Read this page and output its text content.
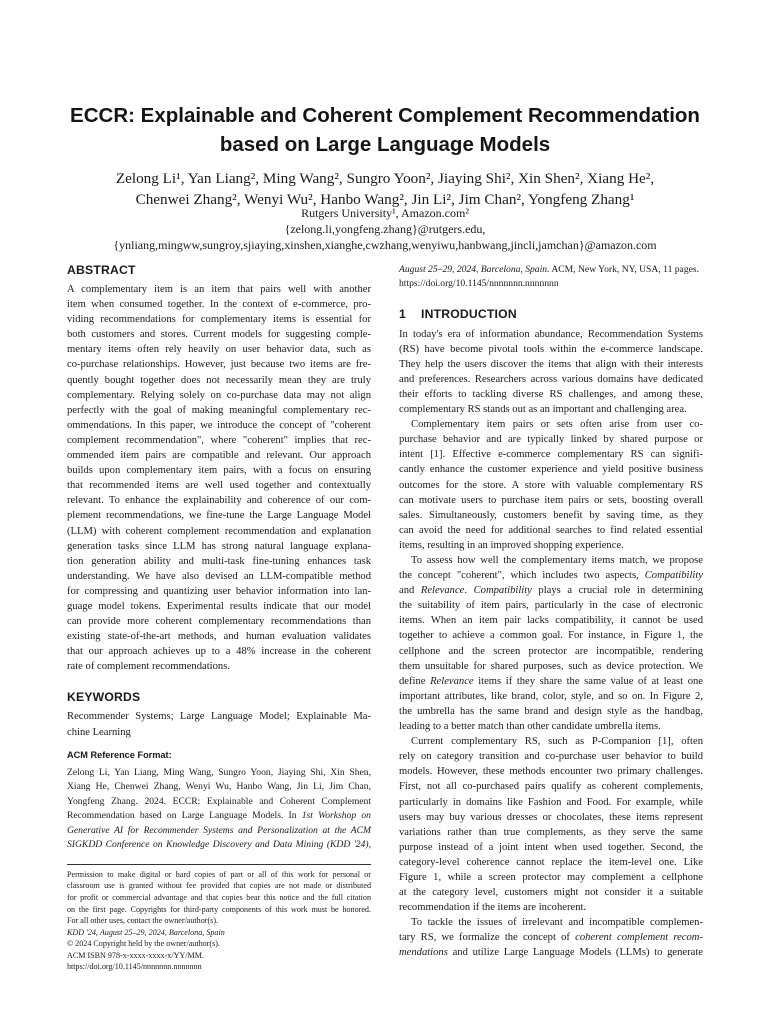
ECCR: Explainable and Coherent Complement Recommendation
based on Large Language Models
Zelong Li¹, Yan Liang², Ming Wang², Sungro Yoon², Jiaying Shi², Xin Shen², Xiang He²,
Chenwei Zhang², Wenyi Wu², Hanbo Wang², Jin Li², Jim Chan², Yongfeng Zhang¹
Rutgers University¹, Amazon.com²
{zelong.li,yongfeng.zhang}@rutgers.edu,
{ynliang,mingww,sungroy,sjiaying,xinshen,xianghe,cwzhang,wenyiwu,hanbwang,jincli,jamchan}@amazon.com
ABSTRACT
A complementary item is an item that pairs well with another
item when consumed together. In the context of e-commerce, pro-
viding recommendations for complementary items is essential for
both customers and stores. Current models for suggesting comple-
mentary items often rely heavily on user behavior data, such as
co-purchase relationships. However, just because two items are fre-
quently bought together does not necessarily mean they are truly
complementary. Relying solely on co-purchase data may not align
perfectly with the goal of making meaningful complementary rec-
ommendations. In this paper, we introduce the concept of "coherent
complement recommendation", where "coherent" implies that rec-
ommended item pairs are compatible and relevant. Our approach
builds upon complementary item pairs, with a focus on ensuring
that recommended items are well used together and contextually
relevant. To enhance the explainability and coherence of our com-
plement recommendations, we fine-tune the Large Language Model
(LLM) with coherent complement recommendation and explanation
generation tasks since LLM has strong natural language explana-
tion generation ability and multi-task fine-tuning enhances task
understanding. We have also devised an LLM-compatible method
for compressing and quantizing user behavior information into lan-
guage model tokens. Experimental results indicate that our model
can provide more coherent complementary recommendations than
existing state-of-the-art methods, and human evaluation validates
that our approach achieves up to a 48% increase in the coherent
rate of complement recommendations.
KEYWORDS
Recommender Systems; Large Language Model; Explainable Ma-
chine Learning
ACM Reference Format:
Zelong Li, Yan Liang, Ming Wang, Sungro Yoon, Jiaying Shi, Xin Shen,
Xiang He, Chenwei Zhang, Wenyi Wu, Hanbo Wang, Jin Li, Jim Chan,
Yongfeng Zhang. 2024. ECCR: Explainable and Coherent Complement
Recommendation based on Large Language Models. In 1st Workshop on
Generative AI for Recommender Systems and Personalization at the ACM
SIGKDD Conference on Knowledge Discovery and Data Mining (KDD '24),
Permission to make digital or hard copies of part or all of this work for personal or
classroom use is granted without fee provided that copies are not made or distributed
for profit or commercial advantage and that copies bear this notice and the full citation
on the first page. Copyrights for third-party components of this work must be honored.
For all other uses, contact the owner/author(s).
KDD '24, August 25–29, 2024, Barcelona, Spain
© 2024 Copyright held by the owner/author(s).
ACM ISBN 978-x-xxxx-xxxx-x/YY/MM.
https://doi.org/10.1145/nnnnnnn.nnnnnnn
August 25–29, 2024, Barcelona, Spain. ACM, New York, NY, USA, 11 pages.
https://doi.org/10.1145/nnnnnnn.nnnnnnn
1 INTRODUCTION
In today's era of information abundance, Recommendation Systems
(RS) have become pivotal tools within the e-commerce landscape.
They help the users discover the items that align with their interests
and preferences. Researchers across various domains have dedicated
their efforts to tackling diverse RS challenges, and among these,
complementary RS stands out as an important and challenging area.
Complementary item pairs or sets often arise from user co-
purchase behavior and are typically linked by shared purpose or
intent [1]. Effective e-commerce complementary RS can signifi-
cantly enhance the customer experience and yield positive business
outcomes for the store. A store with valuable complementary RS
can motivate users to purchase item pairs or sets, boosting overall
sales. Simultaneously, customers benefit by saving time, as they
can avoid the need for additional searches to find related essential
items, resulting in an improved shopping experience.
To assess how well the complementary items match, we propose
the concept "coherent", which includes two aspects, Compatibility
and Relevance. Compatibility plays a crucial role in determining
the suitability of item pairs, particularly in the case of electronic
items. When an item pair lacks compatibility, it cannot be used
together to achieve a common goal. For instance, in Figure 1, the
cellphone and the screen protector are incompatible, rendering
them unsuitable for shared purposes, such as device protection. We
define Relevance items if they share the same value of at least one
important attributes, like brand, color, style, and so on. In Figure 2,
the umbrella has the same brand and design style as the handbag,
leading to a better match than other candidate umbrella items.
Current complementary RS, such as P-Companion [1], often
rely on category transition and co-purchase user behavior to build
models. However, these methods encounter two primary challenges.
First, not all co-purchased pairs qualify as coherent complements,
particularly in domains like Fashion and Food. For example, while
users may buy various dresses or chocolates, these items represent
variations rather than true complements, as they serve the same
purpose instead of a joint intent when used together. Second, the
category-level coherence cannot replace the item-level one. Like
Figure 1, while a screen protector may complement a cellphone
at the category level, customers might not consider it a suitable
recommendation if the items are incoherent.
To tackle the issues of irrelevant and incompatible complemen-
tary RS, we formalize the concept of coherent complement recom-
mendations and utilize Large Language Models (LLMs) to generate
